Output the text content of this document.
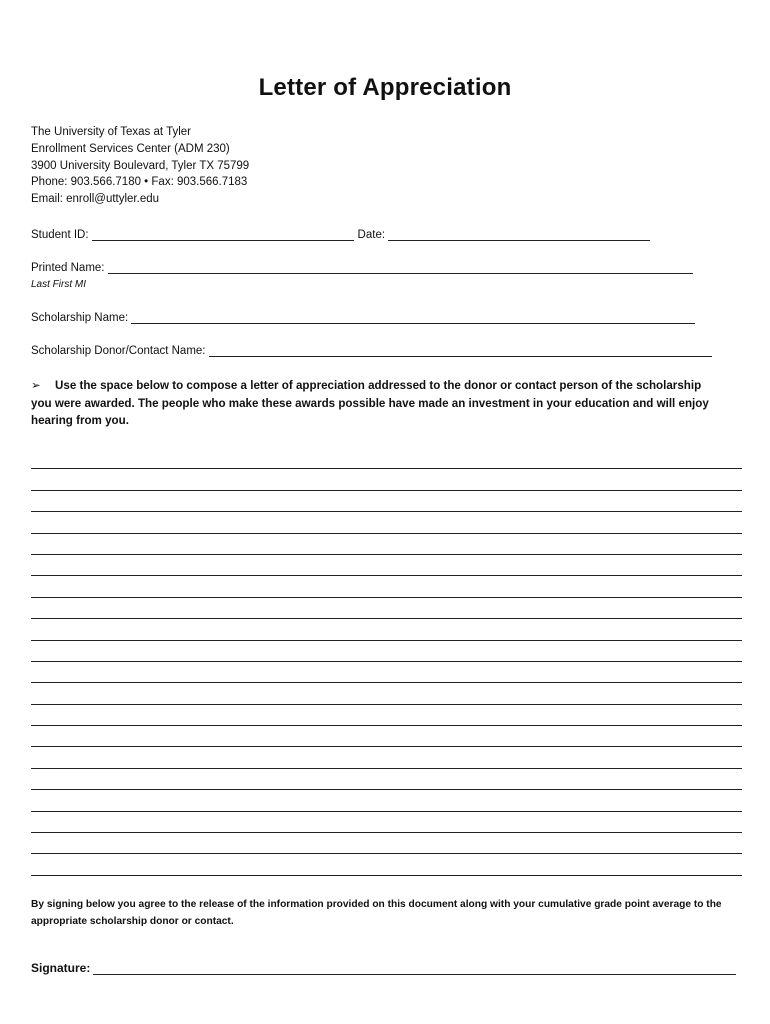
Letter of Appreciation
The University of Texas at Tyler
Enrollment Services Center (ADM 230)
3900 University Boulevard, Tyler TX 75799
Phone: 903.566.7180 • Fax: 903.566.7183
Email: enroll@uttyler.edu
Student ID:	Date:
Printed Name:
Last First MI
Scholarship Name:
Scholarship Donor/Contact Name:
➢ Use the space below to compose a letter of appreciation addressed to the donor or contact person of the scholarship you were awarded. The people who make these awards possible have made an investment in your education and will enjoy hearing from you.
By signing below you agree to the release of the information provided on this document along with your cumulative grade point average to the appropriate scholarship donor or contact.
Signature:
